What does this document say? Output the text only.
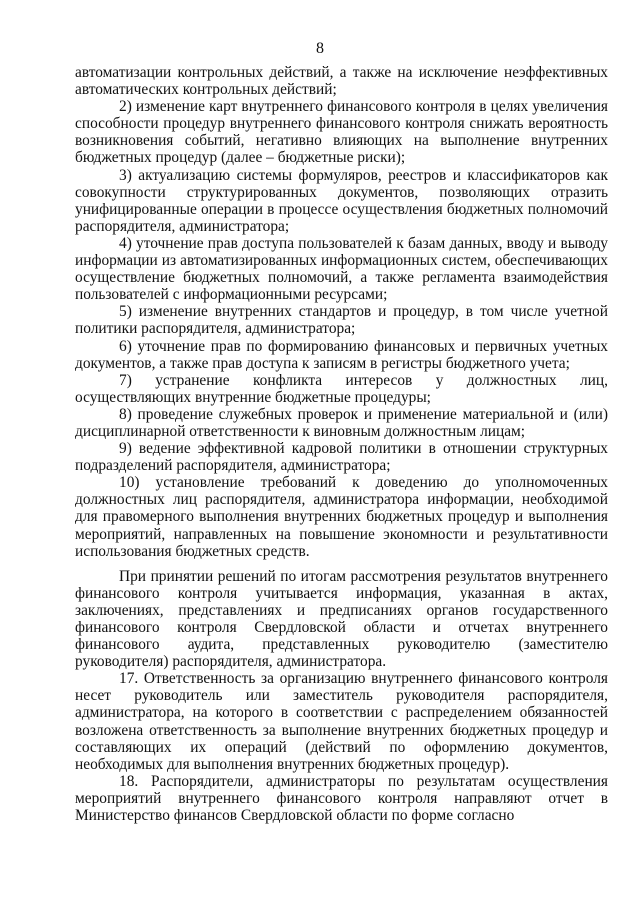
8

автоматизации контрольных действий, а также на исключение неэффективных автоматических контрольных действий;

2) изменение карт внутреннего финансового контроля в целях увеличения способности процедур внутреннего финансового контроля снижать вероятность возникновения событий, негативно влияющих на выполнение внутренних бюджетных процедур (далее – бюджетные риски);

3) актуализацию системы формуляров, реестров и классификаторов как совокупности структурированных документов, позволяющих отразить унифицированные операции в процессе осуществления бюджетных полномочий распорядителя, администратора;

4) уточнение прав доступа пользователей к базам данных, вводу и выводу информации из автоматизированных информационных систем, обеспечивающих осуществление бюджетных полномочий, а также регламента взаимодействия пользователей с информационными ресурсами;

5) изменение внутренних стандартов и процедур, в том числе учетной политики распорядителя, администратора;

6) уточнение прав по формированию финансовых и первичных учетных документов, а также прав доступа к записям в регистры бюджетного учета;

7) устранение конфликта интересов у должностных лиц, осуществляющих внутренние бюджетные процедуры;

8) проведение служебных проверок и применение материальной и (или) дисциплинарной ответственности к виновным должностным лицам;

9) ведение эффективной кадровой политики в отношении структурных подразделений распорядителя, администратора;

10) установление требований к доведению до уполномоченных должностных лиц распорядителя, администратора информации, необходимой для правомерного выполнения внутренних бюджетных процедур и выполнения мероприятий, направленных на повышение экономности и результативности использования бюджетных средств.

При принятии решений по итогам рассмотрения результатов внутреннего финансового контроля учитывается информация, указанная в актах, заключениях, представлениях и предписаниях органов государственного финансового контроля Свердловской области и отчетах внутреннего финансового аудита, представленных руководителю (заместителю руководителя) распорядителя, администратора.

17. Ответственность за организацию внутреннего финансового контроля несет руководитель или заместитель руководителя распорядителя, администратора, на которого в соответствии с распределением обязанностей возложена ответственность за выполнение внутренних бюджетных процедур и составляющих их операций (действий по оформлению документов, необходимых для выполнения внутренних бюджетных процедур).

18. Распорядители, администраторы по результатам осуществления мероприятий внутреннего финансового контроля направляют отчет в Министерство финансов Свердловской области по форме согласно
